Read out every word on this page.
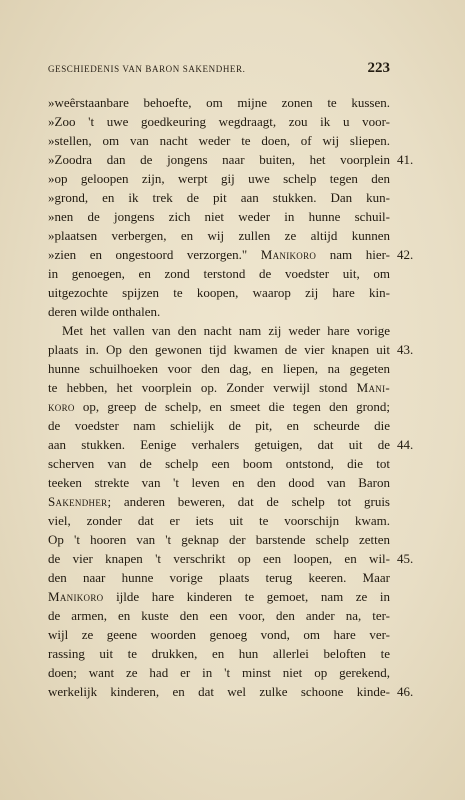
GESCHIEDENIS VAN BARON SAKENDHER.	223
»weêrstaanbare behoefte, om mijne zonen te kussen.
»Zoo 't uwe goedkeuring wegdraagt, zou ik u voor-
»stellen, om van nacht weder te doen, of wij sliepen.
»Zoodra dan de jongens naar buiten, het voorplein
»op geloopen zijn, werpt gij uwe schelp tegen den
»grond, en ik trek de pit aan stukken. Dan kun-
»nen de jongens zich niet weder in hunne schuil-
»plaatsen verbergen, en wij zullen ze altijd kunnen
»zien en ongestoord verzorgen." Manikoro nam hier-
in genoegen, en zond terstond de voedster uit, om
uitgezochte spijzen te koopen, waarop zij hare kin-
deren wilde onthalen.
Met het vallen van den nacht nam zij weder hare vorige
plaats in. Op den gewonen tijd kwamen de vier knapen uit
hunne schuilhoeken voor den dag, en liepen, na gegeten
te hebben, het voorplein op. Zonder verwijl stond Mani-
koro op, greep de schelp, en smeet die tegen den grond;
de voedster nam schielijk de pit, en scheurde die
aan stukken. Eenige verhalers getuigen, dat uit de
scherven van de schelp een boom ontstond, die tot
teeken strekte van 't leven en den dood van Baron
Sakendher; anderen beweren, dat de schelp tot gruis
viel, zonder dat er iets uit te voorschijn kwam.
Op 't hooren van 't geknap der barstende schelp zetten
de vier knapen 't verschrikt op een loopen, en wil-
den naar hunne vorige plaats terug keeren. Maar
Manikoro ijlde hare kinderen te gemoet, nam ze in
de armen, en kuste den een voor, den ander na, ter-
wijl ze geene woorden genoeg vond, om hare ver-
rassing uit te drukken, en hun allerlei beloften te
doen; want ze had er in 't minst niet op gerekend,
werkelijk kinderen, en dat wel zulke schoone kinde-
41.
42.
43.
44.
45.
46.
